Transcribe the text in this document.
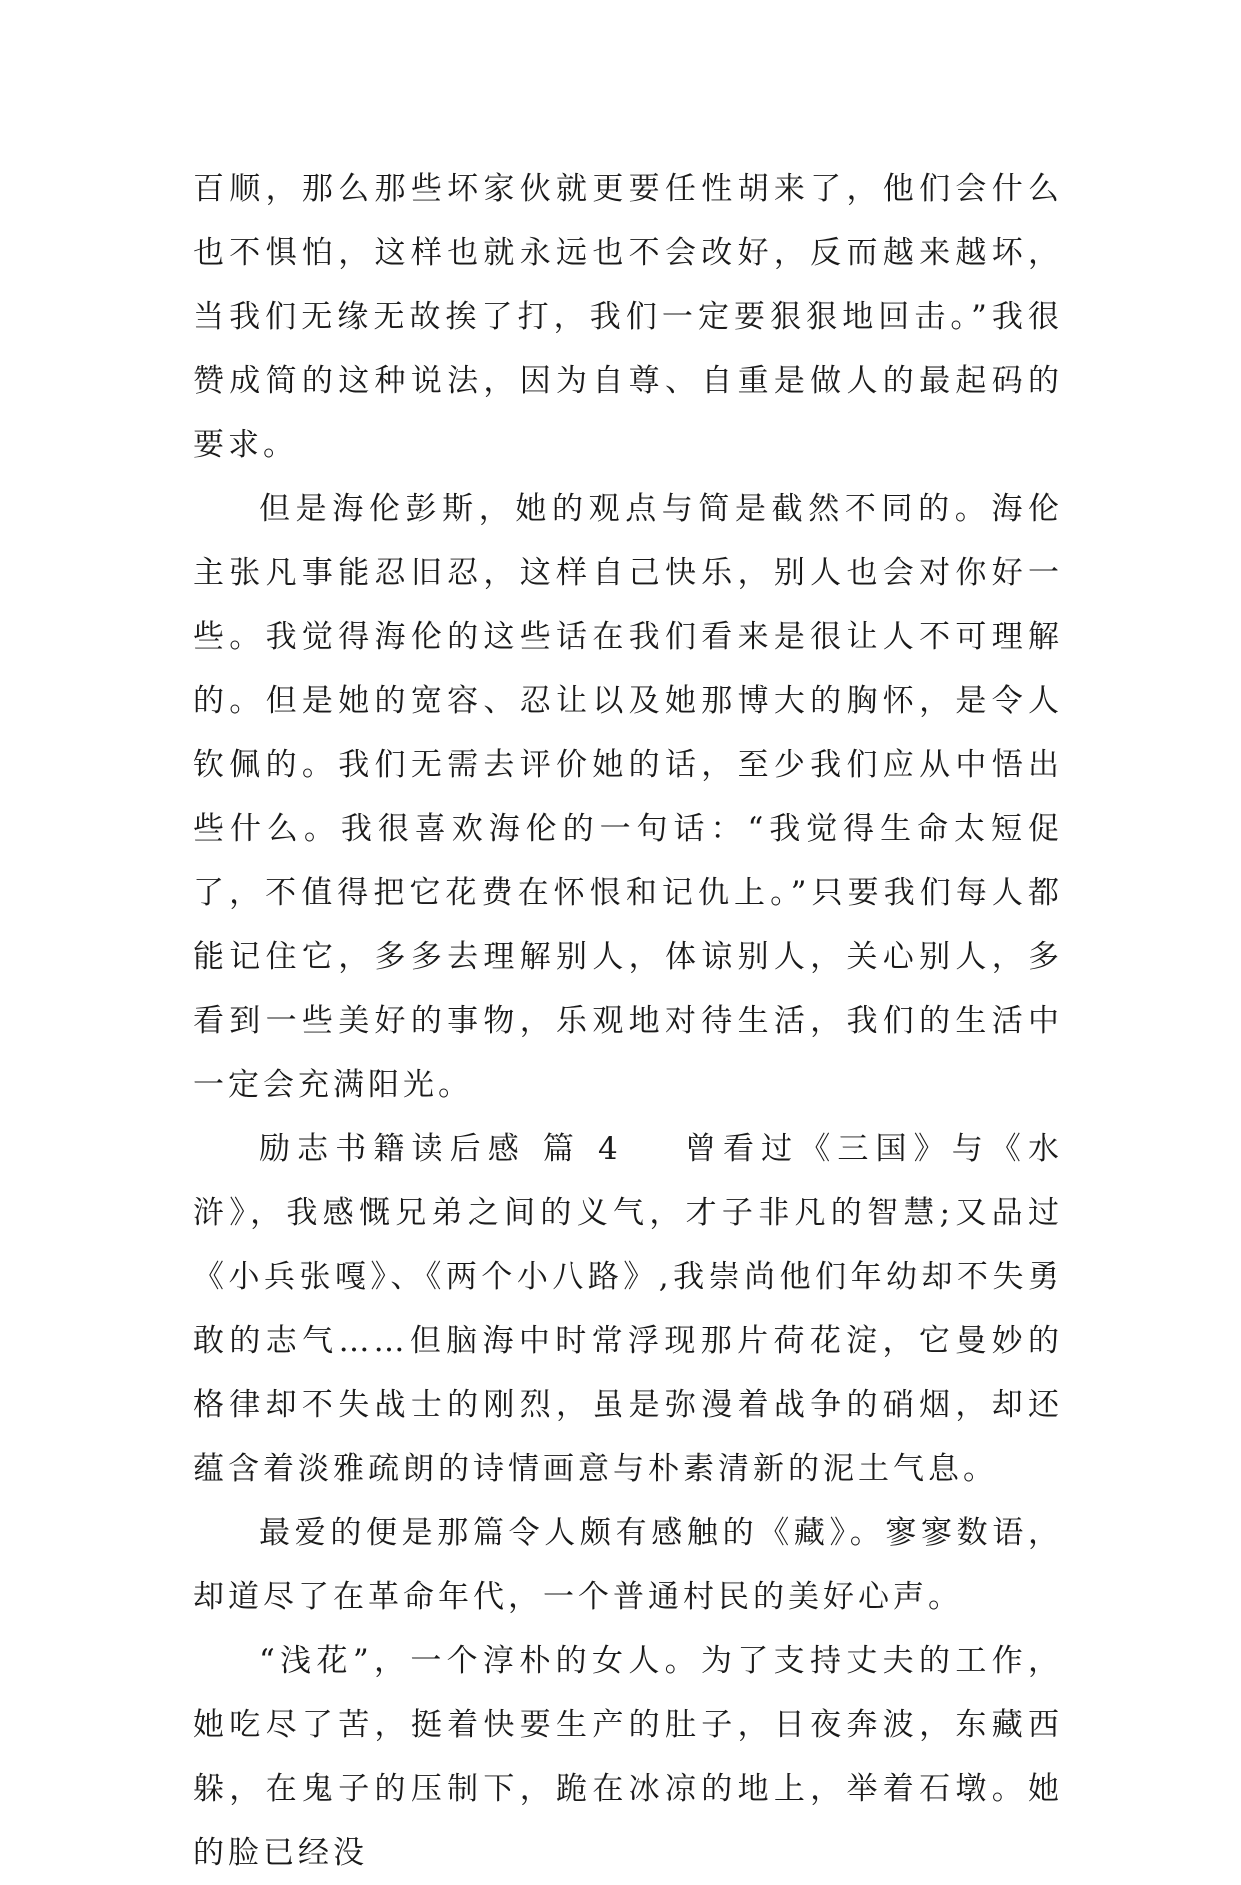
百顺，那么那些坏家伙就更要任性胡来了，他们会什么也不惧怕，这样也就永远也不会改好，反而越来越坏，当我们无缘无故挨了打，我们一定要狠狠地回击。”我很赞成简的这种说法，因为自尊、自重是做人的最起码的要求。

但是海伦彭斯，她的观点与简是截然不同的。海伦主张凡事能忍旧忍，这样自己快乐，别人也会对你好一些。我觉得海伦的这些话在我们看来是很让人不可理解的。但是她的宽容、忍让以及她那博大的胸怀，是令人钦佩的。我们无需去评价她的话，至少我们应从中悟出些什么。我很喜欢海伦的一句话：“我觉得生命太短促了，不值得把它花费在怀恨和记仇上。”只要我们每人都能记住它，多多去理解别人，体谅别人，关心别人，多看到一些美好的事物，乐观地对待生活，我们的生活中一定会充满阳光。

励志书籍读后感 篇 4 曾看过《三国》与《水浒》，我感慨兄弟之间的义气，才子非凡的智慧;又品过《小兵张嘎》、《两个小八路》,我崇尚他们年幼却不失勇敢的志气……但脑海中时常浮现那片荷花淀，它曼妙的格律却不失战士的刚烈，虽是弥漫着战争的硝烟，却还蕴含着淡雅疏朗的诗情画意与朴素清新的泥土气息。

最爱的便是那篇令人颇有感触的《藏》。寥寥数语，却道尽了在革命年代，一个普通村民的美好心声。

“浅花”，一个淳朴的女人。为了支持丈夫的工作，她吃尽了苦，挺着快要生产的肚子，日夜奔波，东藏西躲，在鬼子的压制下，跪在冰凉的地上，举着石墩。她的脸已经没
